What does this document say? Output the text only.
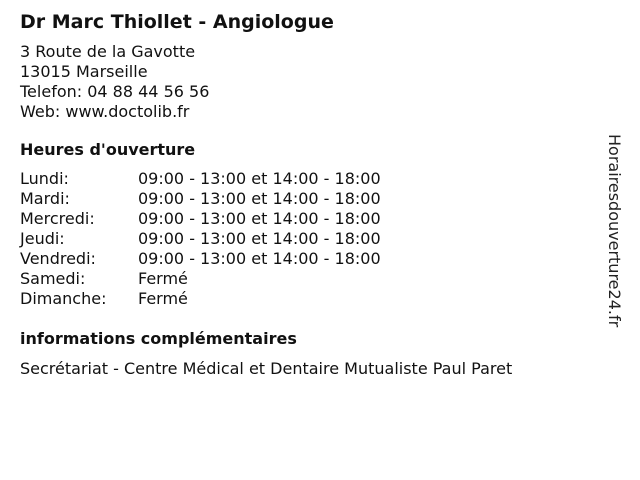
Dr Marc Thiollet - Angiologue
3 Route de la Gavotte
13015 Marseille
Telefon: 04 88 44 56 56
Web: www.doctolib.fr
Heures d'ouverture
Lundi:	09:00 - 13:00 et 14:00 - 18:00
Mardi:	09:00 - 13:00 et 14:00 - 18:00
Mercredi:	09:00 - 13:00 et 14:00 - 18:00
Jeudi:	09:00 - 13:00 et 14:00 - 18:00
Vendredi:	09:00 - 13:00 et 14:00 - 18:00
Samedi:	Fermé
Dimanche:	Fermé
informations complémentaires
Secrétariat - Centre Médical et Dentaire Mutualiste Paul Paret
Horairesdouverture24.fr
